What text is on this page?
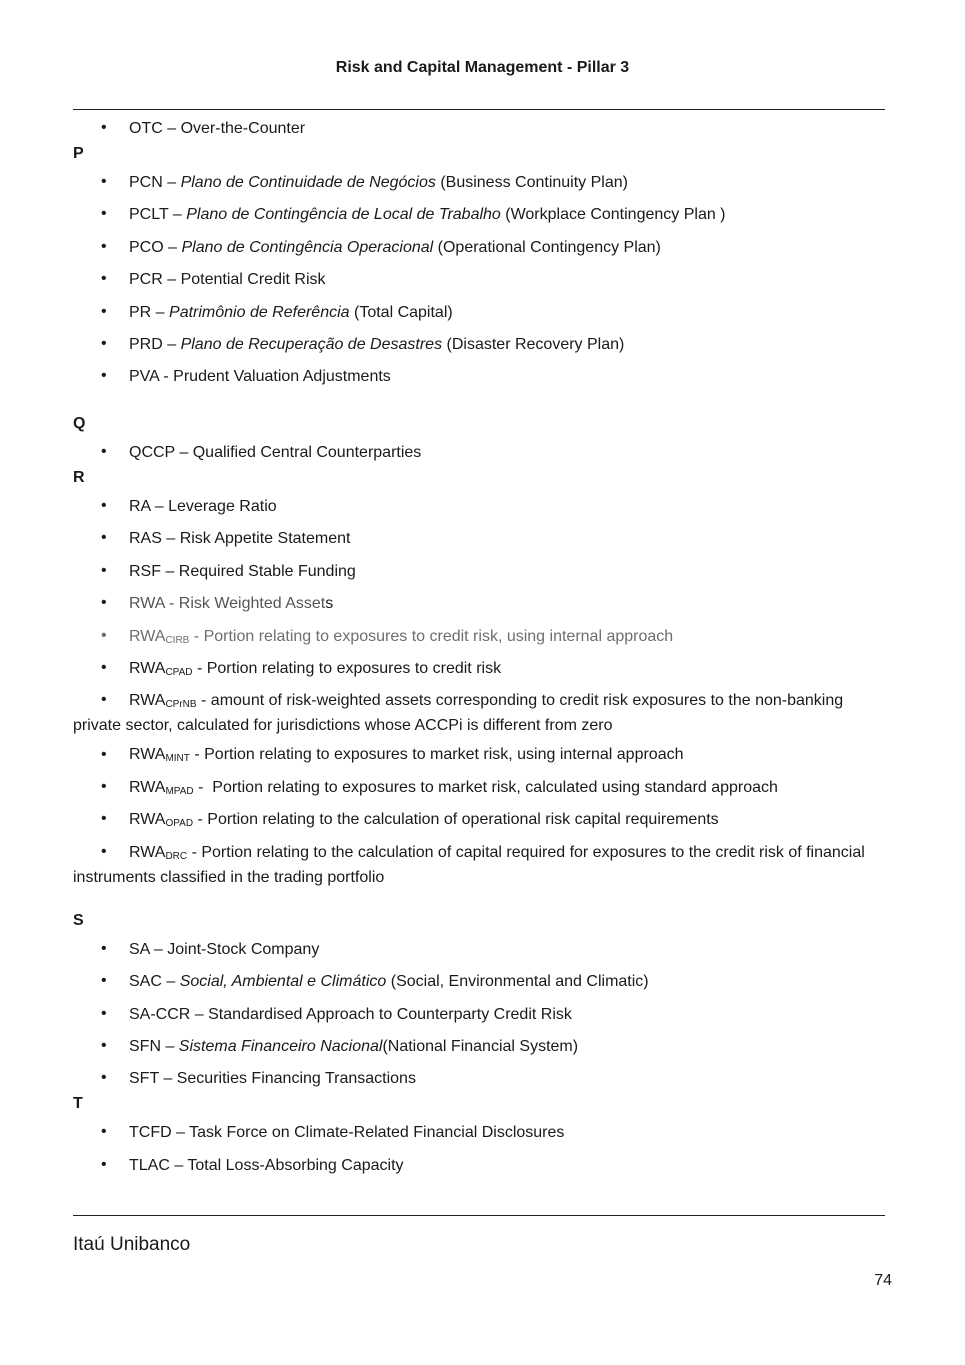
Risk and Capital Management - Pillar 3
• OTC – Over-the-Counter
P
• PCN – Plano de Continuidade de Negócios (Business Continuity Plan)
• PCLT – Plano de Contingência de Local de Trabalho (Workplace Contingency Plan )
• PCO – Plano de Contingência Operacional (Operational Contingency Plan)
• PCR – Potential Credit Risk
• PR – Patrimônio de Referência (Total Capital)
• PRD – Plano de Recuperação de Desastres (Disaster Recovery Plan)
• PVA - Prudent Valuation Adjustments
Q
• QCCP – Qualified Central Counterparties
R
• RA – Leverage Ratio
• RAS – Risk Appetite Statement
• RSF – Required Stable Funding
• RWA - Risk Weighted Assets
• $RWA_{CIRB}$ - Portion relating to exposures to credit risk, using internal approach
• $RWA_{CPAD}$ - Portion relating to exposures to credit risk
• $RWA_{CPrNB}$ - amount of risk-weighted assets corresponding to credit risk exposures to the non-banking
private sector, calculated for jurisdictions whose ACCPi is different from zero
• $RWA_{MINT}$ - Portion relating to exposures to market risk, using internal approach
• $RWA_{MPAD}$ -  Portion relating to exposures to market risk, calculated using standard approach
• $RWA_{OPAD}$ - Portion relating to the calculation of operational risk capital requirements
• $RWA_{DRC}$ - Portion relating to the calculation of capital required for exposures to the credit risk of financial
instruments classified in the trading portfolio
S
• SA – Joint-Stock Company
• SAC – Social, Ambiental e Climático (Social, Environmental and Climatic)
• SA-CCR – Standardised Approach to Counterparty Credit Risk
• SFN – Sistema Financeiro Nacional(National Financial System)
• SFT – Securities Financing Transactions
T
• TCFD – Task Force on Climate-Related Financial Disclosures
• TLAC – Total Loss-Absorbing Capacity
Itaú Unibanco
74
